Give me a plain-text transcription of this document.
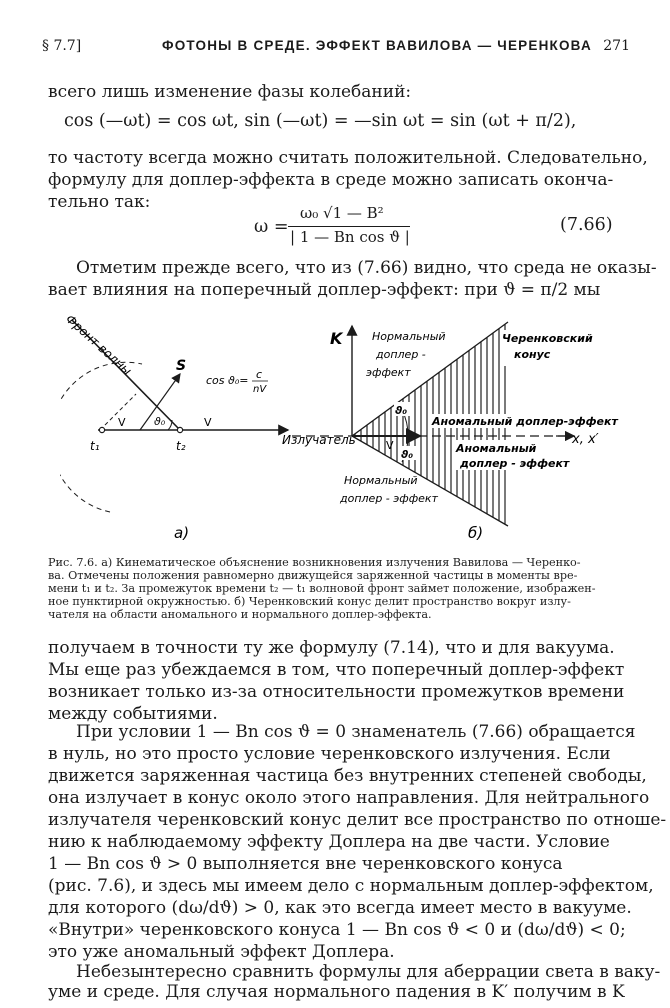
§ 7.7]	ФОТОНЫ В СРЕДЕ. ЭФФЕКТ ВАВИЛОВА — ЧЕРЕНКОВА 271
всего лишь изменение фазы колебаний:
cos (—ωt) = cos ωt, sin (—ωt) = —sin ωt = sin (ωt + π/2),
то частоту всегда можно считать положительной. Следовательно,
формулу для доплер-эффекта в среде можно записать оконча-
тельно так:
ω =
ω₀ √1 — B²
| 1 — Bn cos ϑ |
(7.66)
Отметим прежде всего, что из (7.66) видно, что среда не оказы-
вает влияния на поперечный доплер-эффект: при ϑ = π/2 мы
Фронт волны	S
cos ϑ₀= c
nV
ϑ₀
t₁	t₂
V	V
а)
K
x, x′
Излучатель	V
ϑ₀
ϑ₀
Нормальный
доплер -
эффект
Черенковский
конус
Аномальный доплер-эффект
Аномальный
доплер - эффект
Нормальный
доплер - эффект
б)
Рис. 7.6. а) Кинематическое объяснение возникновения излучения Вавилова — Черенко-
ва. Отмечены положения равномерно движущейся заряженной частицы в моменты вре-
мени t₁ и t₂. За промежуток времени t₂ — t₁ волновой фронт займет положение, изображен-
ное пунктирной окружностью. б) Черенковский конус делит пространство вокруг излу-
чателя на области аномального и нормального доплер-эффекта.
получаем в точности ту же формулу (7.14), что и для вакуума.
Мы еще раз убеждаемся в том, что поперечный доплер-эффект
возникает только из-за относительности промежутков времени
между событиями.
При условии 1 — Bn cos ϑ = 0 знаменатель (7.66) обращается
в нуль, но это просто условие черенковского излучения. Если
движется заряженная частица без внутренних степеней свободы,
она излучает в конус около этого направления. Для нейтрального
излучателя черенковский конус делит все пространство по отноше-
нию к наблюдаемому эффекту Доплера на две части. Условие
1 — Bn cos ϑ > 0 выполняется вне черенковского конуса
(рис. 7.6), и здесь мы имеем дело с нормальным доплер-эффектом,
для которого (dω/dϑ) > 0, как это всегда имеет место в вакууме.
«Внутри» черенковского конуса 1 — Bn cos ϑ < 0 и (dω/dϑ) < 0;
это уже аномальный эффект Доплера.
Небезынтересно сравнить формулы для аберрации света в ваку-
уме и среде. Для случая нормального падения в K′ получим в K
